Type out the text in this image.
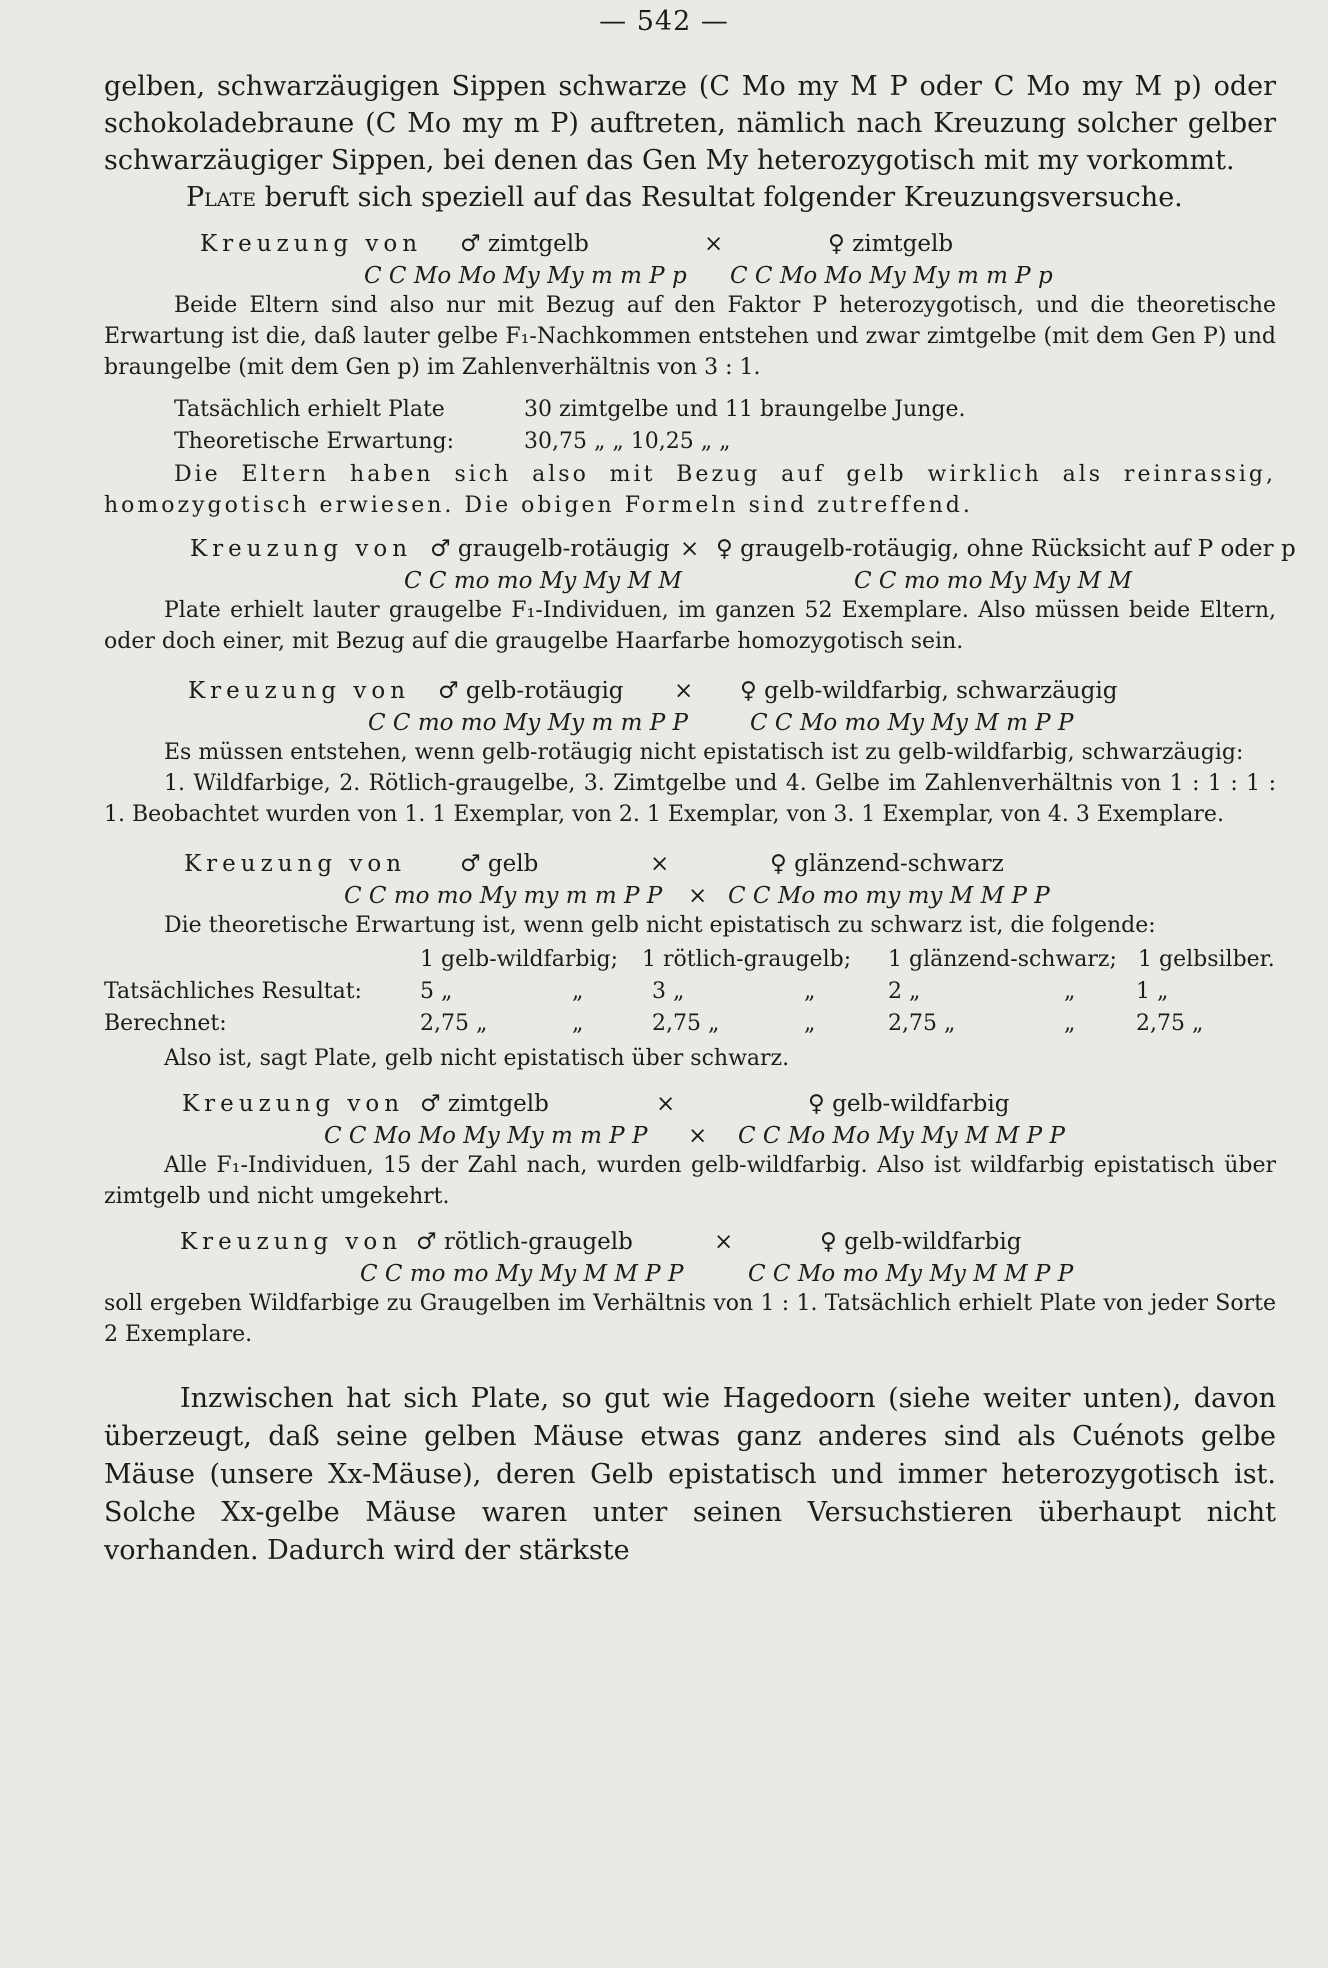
— 542 —

gelben, schwarzäugigen Sippen schwarze (C Mo my M P oder C Mo my M p) oder schokoladebraune (C Mo my m P) auftreten, nämlich nach Kreuzung solcher gelber schwarzäugiger Sippen, bei denen das Gen My heterozygotisch mit my vorkommt.

Plate beruft sich speziell auf das Resultat folgender Kreuzungsversuche.

Kreuzung von ♂ zimtgelb	×	♀ zimtgelb
C C Mo Mo My My m m P p C C Mo Mo My My m m P p

Beide Eltern sind also nur mit Bezug auf den Faktor P heterozygotisch, und die theoretische Erwartung ist die, daß lauter gelbe F₁-Nachkommen entstehen und zwar zimtgelbe (mit dem Gen P) und braungelbe (mit dem Gen p) im Zahlenverhältnis von 3 : 1.

Tatsächlich erhielt Plate	30 zimtgelbe und 11 braungelbe Junge.
Theoretische Erwartung:	30,75 „ „ 10,25 „ „

Die Eltern haben sich also mit Bezug auf gelb wirklich als reinrassig, homozygotisch erwiesen. Die obigen Formeln sind zutreffend.

Kreuzung von ♂ graugelb-rotäugig × ♀ graugelb-rotäugig, ohne Rücksicht auf P oder p
C C mo mo My My M M	C C mo mo My My M M

Plate erhielt lauter graugelbe F₁-Individuen, im ganzen 52 Exemplare. Also müssen beide Eltern, oder doch einer, mit Bezug auf die graugelbe Haarfarbe homozygotisch sein.

Kreuzung von ♂ gelb-rotäugig × ♀ gelb-wildfarbig, schwarzäugig
C C mo mo My My m m P P	C C Mo mo My My M m P P

Es müssen entstehen, wenn gelb-rotäugig nicht epistatisch ist zu gelb-wildfarbig, schwarzäugig:

1. Wildfarbige, 2. Rötlich-graugelbe, 3. Zimtgelbe und 4. Gelbe im Zahlenverhältnis von 1 : 1 : 1 : 1. Beobachtet wurden von 1. 1 Exemplar, von 2. 1 Exemplar, von 3. 1 Exemplar, von 4. 3 Exemplare.

Kreuzung von ♂ gelb	×	♀ glänzend-schwarz
C C mo mo My my m m P P × C C Mo mo my my M M P P

Die theoretische Erwartung ist, wenn gelb nicht epistatisch zu schwarz ist, die folgende:

1 gelb-wildfarbig; 1 rötlich-graugelb; 1 glänzend-schwarz; 1 gelbsilber.
Tatsächliches Resultat:	5 „	„	3 „	„	2 „	„	1 „
Berechnet:	2,75 „	„	2,75 „	„	2,75 „	„	2,75 „

Also ist, sagt Plate, gelb nicht epistatisch über schwarz.

Kreuzung von ♂ zimtgelb	×	♀ gelb-wildfarbig
C C Mo Mo My My m m P P × C C Mo Mo My My M M P P

Alle F₁-Individuen, 15 der Zahl nach, wurden gelb-wildfarbig. Also ist wildfarbig epistatisch über zimtgelb und nicht umgekehrt.

Kreuzung von ♂ rötlich-graugelb	×	♀ gelb-wildfarbig
C C mo mo My My M M P P	C C Mo mo My My M M P P

soll ergeben Wildfarbige zu Graugelben im Verhältnis von 1 : 1. Tatsächlich erhielt Plate von jeder Sorte 2 Exemplare.

Inzwischen hat sich Plate, so gut wie Hagedoorn (siehe weiter unten), davon überzeugt, daß seine gelben Mäuse etwas ganz anderes sind als Cuénots gelbe Mäuse (unsere Xx-Mäuse), deren Gelb epistatisch und immer heterozygotisch ist. Solche Xx-gelbe Mäuse waren unter seinen Versuchstieren überhaupt nicht vorhanden. Dadurch wird der stärkste
